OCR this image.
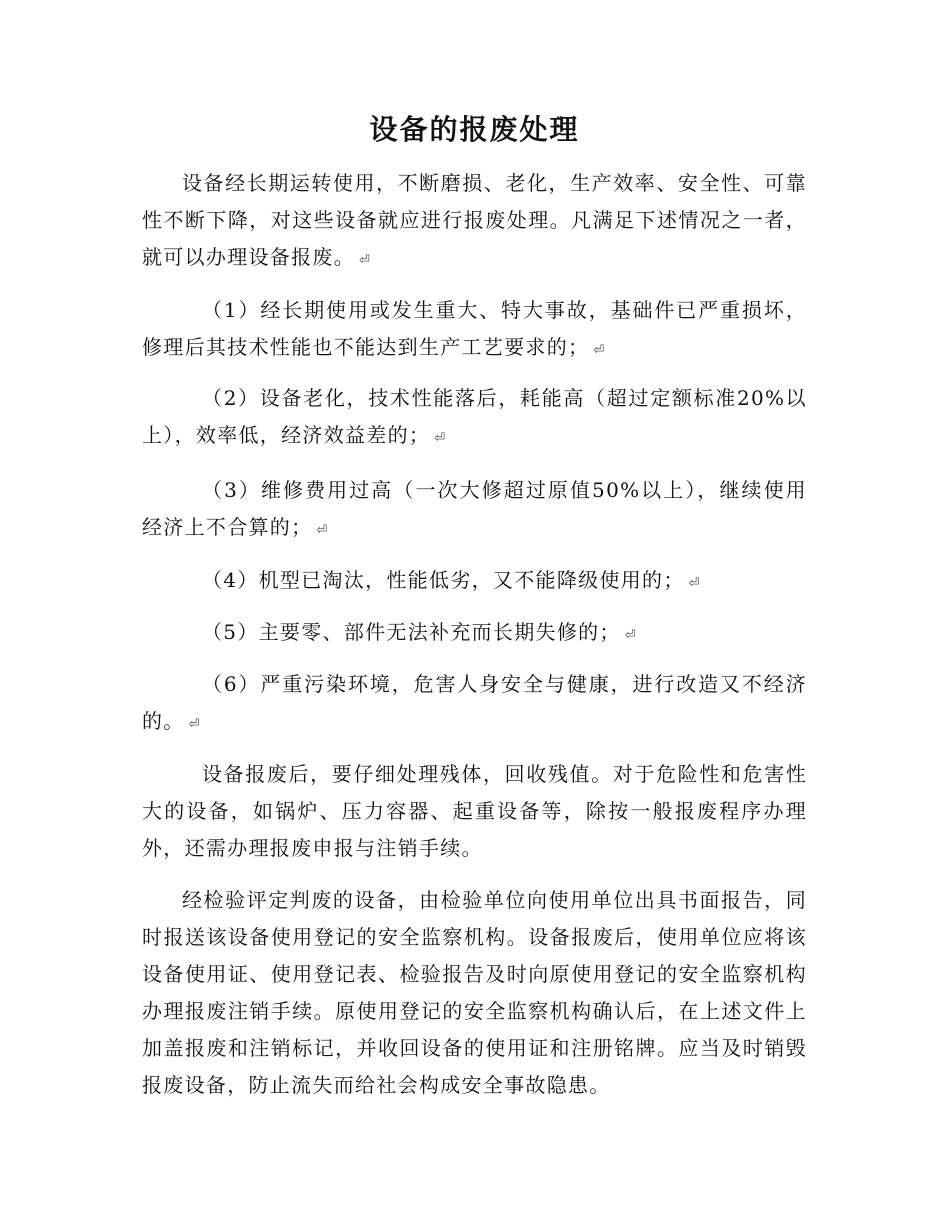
设备的报废处理

设备经长期运转使用，不断磨损、老化，生产效率、安全性、可靠性不断下降，对这些设备就应进行报废处理。凡满足下述情况之一者，就可以办理设备报废。 ⏎

（1）经长期使用或发生重大、特大事故，基础件已严重损坏，修理后其技术性能也不能达到生产工艺要求的； ⏎

（2）设备老化，技术性能落后，耗能高（超过定额标准20%以上），效率低，经济效益差的； ⏎

（3）维修费用过高（一次大修超过原值50%以上），继续使用经济上不合算的； ⏎

（4）机型已淘汰，性能低劣，又不能降级使用的； ⏎

（5）主要零、部件无法补充而长期失修的； ⏎

（6）严重污染环境，危害人身安全与健康，进行改造又不经济的。 ⏎

设备报废后，要仔细处理残体，回收残值。对于危险性和危害性大的设备，如锅炉、压力容器、起重设备等，除按一般报废程序办理外，还需办理报废申报与注销手续。

经检验评定判废的设备，由检验单位向使用单位出具书面报告，同时报送该设备使用登记的安全监察机构。设备报废后，使用单位应将该设备使用证、使用登记表、检验报告及时向原使用登记的安全监察机构办理报废注销手续。原使用登记的安全监察机构确认后，在上述文件上加盖报废和注销标记，并收回设备的使用证和注册铭牌。应当及时销毁报废设备，防止流失而给社会构成安全事故隐患。
